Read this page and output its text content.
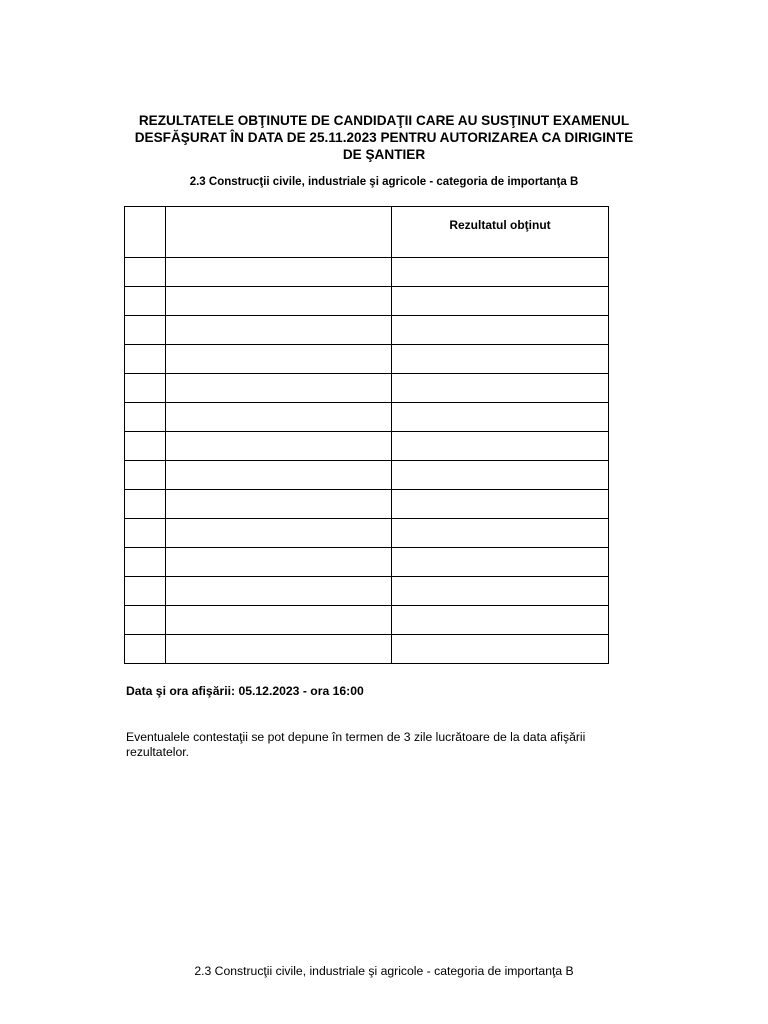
REZULTATELE OBŢINUTE DE CANDIDAŢII CARE AU SUSŢINUT EXAMENUL
DESFĂŞURAT ÎN DATA DE 25.11.2023 PENTRU AUTORIZAREA CA DIRIGINTE
DE ŞANTIER
2.3 Construcţii civile, industriale şi agricole - categoria de importanţa B

		Rezultatul obţinut

Data şi ora afişării: 05.12.2023 - ora 16:00
Eventualele contestaţii se pot depune în termen de 3 zile lucrătoare de la data afişării rezultatelor.
2.3 Construcţii civile, industriale şi agricole - categoria de importanţa B
